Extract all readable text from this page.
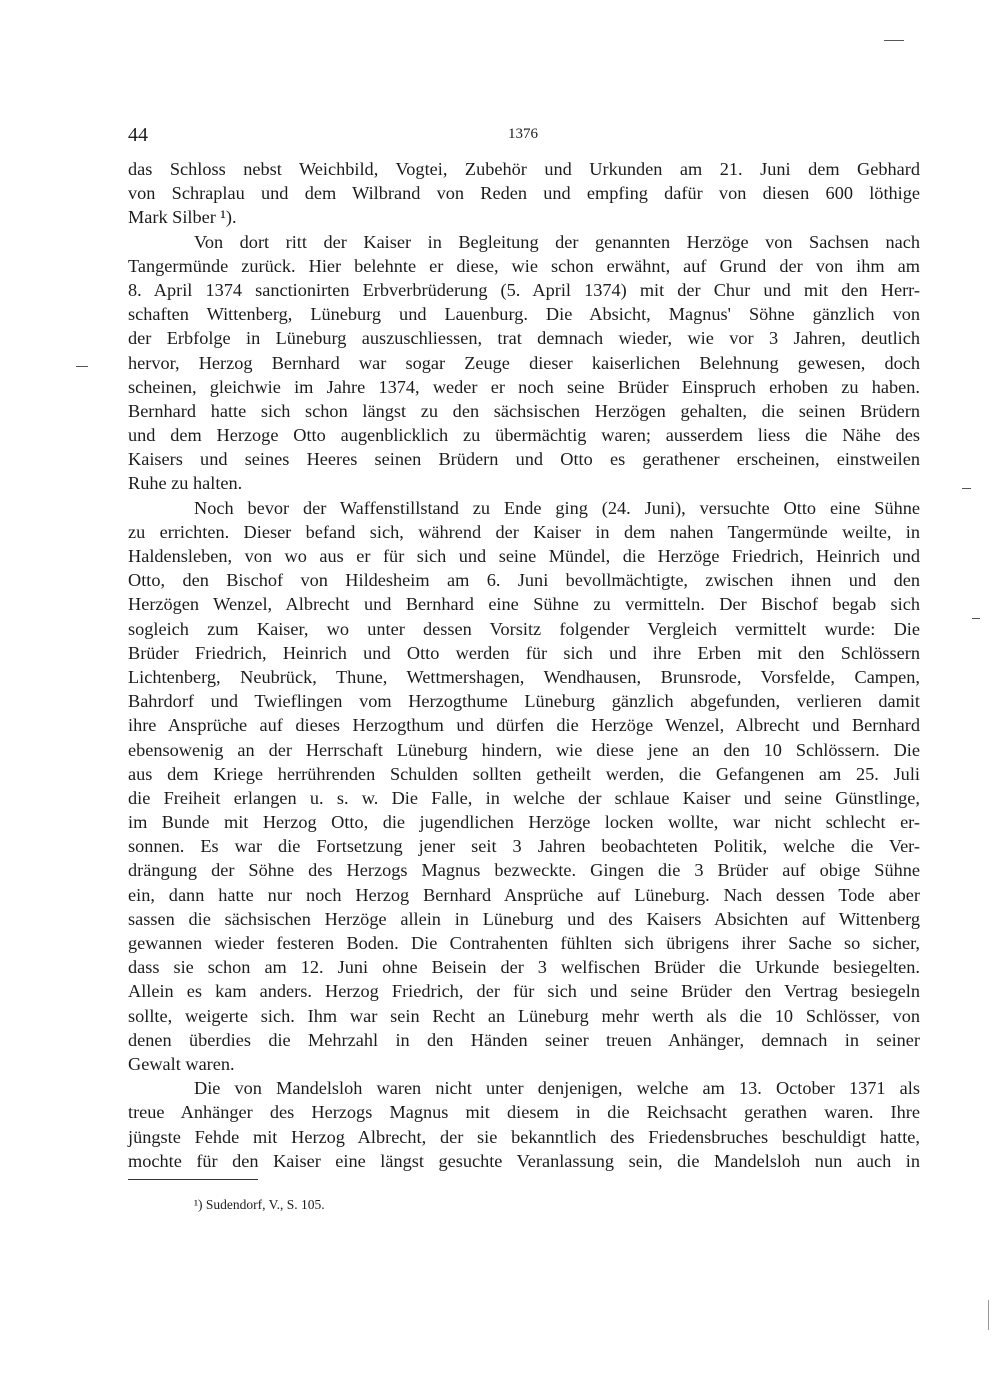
44	1376
das Schloss nebst Weichbild, Vogtei, Zubehör und Urkunden am 21. Juni dem Gebhard
von Schraplau und dem Wilbrand von Reden und empfing dafür von diesen 600 löthige
Mark Silber ¹).
Von dort ritt der Kaiser in Begleitung der genannten Herzöge von Sachsen nach
Tangermünde zurück. Hier belehnte er diese, wie schon erwähnt, auf Grund der von ihm am
8. April 1374 sanctionirten Erbverbrüderung (5. April 1374) mit der Chur und mit den Herr-
schaften Wittenberg, Lüneburg und Lauenburg. Die Absicht, Magnus' Söhne gänzlich von
der Erbfolge in Lüneburg auszuschliessen, trat demnach wieder, wie vor 3 Jahren, deutlich
hervor, Herzog Bernhard war sogar Zeuge dieser kaiserlichen Belehnung gewesen, doch
scheinen, gleichwie im Jahre 1374, weder er noch seine Brüder Einspruch erhoben zu haben.
Bernhard hatte sich schon längst zu den sächsischen Herzögen gehalten, die seinen Brüdern
und dem Herzoge Otto augenblicklich zu übermächtig waren; ausserdem liess die Nähe des
Kaisers und seines Heeres seinen Brüdern und Otto es gerathener erscheinen, einstweilen
Ruhe zu halten.
Noch bevor der Waffenstillstand zu Ende ging (24. Juni), versuchte Otto eine Sühne
zu errichten. Dieser befand sich, während der Kaiser in dem nahen Tangermünde weilte, in
Haldensleben, von wo aus er für sich und seine Mündel, die Herzöge Friedrich, Heinrich und
Otto, den Bischof von Hildesheim am 6. Juni bevollmächtigte, zwischen ihnen und den
Herzögen Wenzel, Albrecht und Bernhard eine Sühne zu vermitteln. Der Bischof begab sich
sogleich zum Kaiser, wo unter dessen Vorsitz folgender Vergleich vermittelt wurde: Die
Brüder Friedrich, Heinrich und Otto werden für sich und ihre Erben mit den Schlössern
Lichtenberg, Neubrück, Thune, Wettmershagen, Wendhausen, Brunsrode, Vorsfelde, Campen,
Bahrdorf und Twieflingen vom Herzogthume Lüneburg gänzlich abgefunden, verlieren damit
ihre Ansprüche auf dieses Herzogthum und dürfen die Herzöge Wenzel, Albrecht und Bernhard
ebensowenig an der Herrschaft Lüneburg hindern, wie diese jene an den 10 Schlössern. Die
aus dem Kriege herrührenden Schulden sollten getheilt werden, die Gefangenen am 25. Juli
die Freiheit erlangen u. s. w. Die Falle, in welche der schlaue Kaiser und seine Günstlinge,
im Bunde mit Herzog Otto, die jugendlichen Herzöge locken wollte, war nicht schlecht er-
sonnen. Es war die Fortsetzung jener seit 3 Jahren beobachteten Politik, welche die Ver-
drängung der Söhne des Herzogs Magnus bezweckte. Gingen die 3 Brüder auf obige Sühne
ein, dann hatte nur noch Herzog Bernhard Ansprüche auf Lüneburg. Nach dessen Tode aber
sassen die sächsischen Herzöge allein in Lüneburg und des Kaisers Absichten auf Wittenberg
gewannen wieder festeren Boden. Die Contrahenten fühlten sich übrigens ihrer Sache so sicher,
dass sie schon am 12. Juni ohne Beisein der 3 welfischen Brüder die Urkunde besiegelten.
Allein es kam anders. Herzog Friedrich, der für sich und seine Brüder den Vertrag besiegeln
sollte, weigerte sich. Ihm war sein Recht an Lüneburg mehr werth als die 10 Schlösser, von
denen überdies die Mehrzahl in den Händen seiner treuen Anhänger, demnach in seiner
Gewalt waren.
Die von Mandelsloh waren nicht unter denjenigen, welche am 13. October 1371 als
treue Anhänger des Herzogs Magnus mit diesem in die Reichsacht gerathen waren. Ihre
jüngste Fehde mit Herzog Albrecht, der sie bekanntlich des Friedensbruches beschuldigt hatte,
mochte für den Kaiser eine längst gesuchte Veranlassung sein, die Mandelsloh nun auch in
¹) Sudendorf, V., S. 105.
